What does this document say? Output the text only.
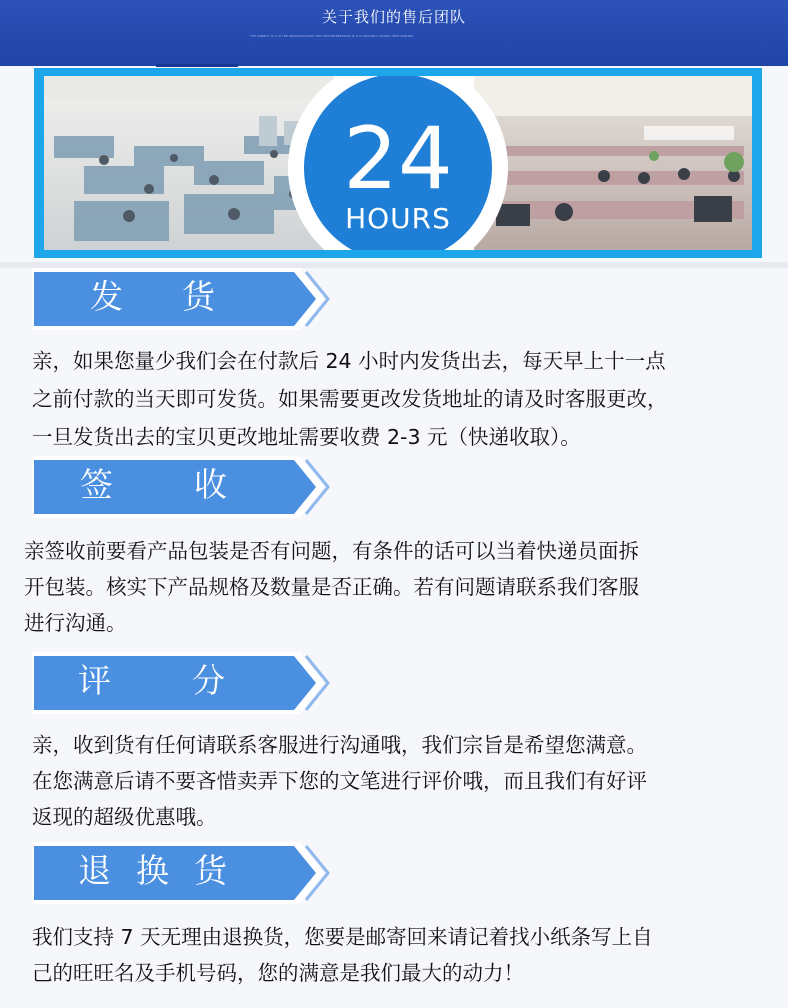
关于我们的售后团队
THE SUBJECT IS IT IS THE ORIGINALNOUNS THE MOSTINTERESTING IS IT IS ORIGINAL FAVORS THEN PRINTED
24
HOURS
发 货
亲，如果您量少我们会在付款后 24 小时内发货出去，每天早上十一点
之前付款的当天即可发货。如果需要更改发货地址的请及时客服更改，
一旦发货出去的宝贝更改地址需要收费 2-3 元（快递收取）。
签 收
亲签收前要看产品包装是否有问题，有条件的话可以当着快递员面拆
开包装。核实下产品规格及数量是否正确。若有问题请联系我们客服
进行沟通。
评 分
亲，收到货有任何请联系客服进行沟通哦，我们宗旨是希望您满意。
在您满意后请不要吝惜卖弄下您的文笔进行评价哦，而且我们有好评
返现的超级优惠哦。
退 换 货
我们支持 7 天无理由退换货，您要是邮寄回来请记着找小纸条写上自
己的旺旺名及手机号码，您的满意是我们最大的动力！
